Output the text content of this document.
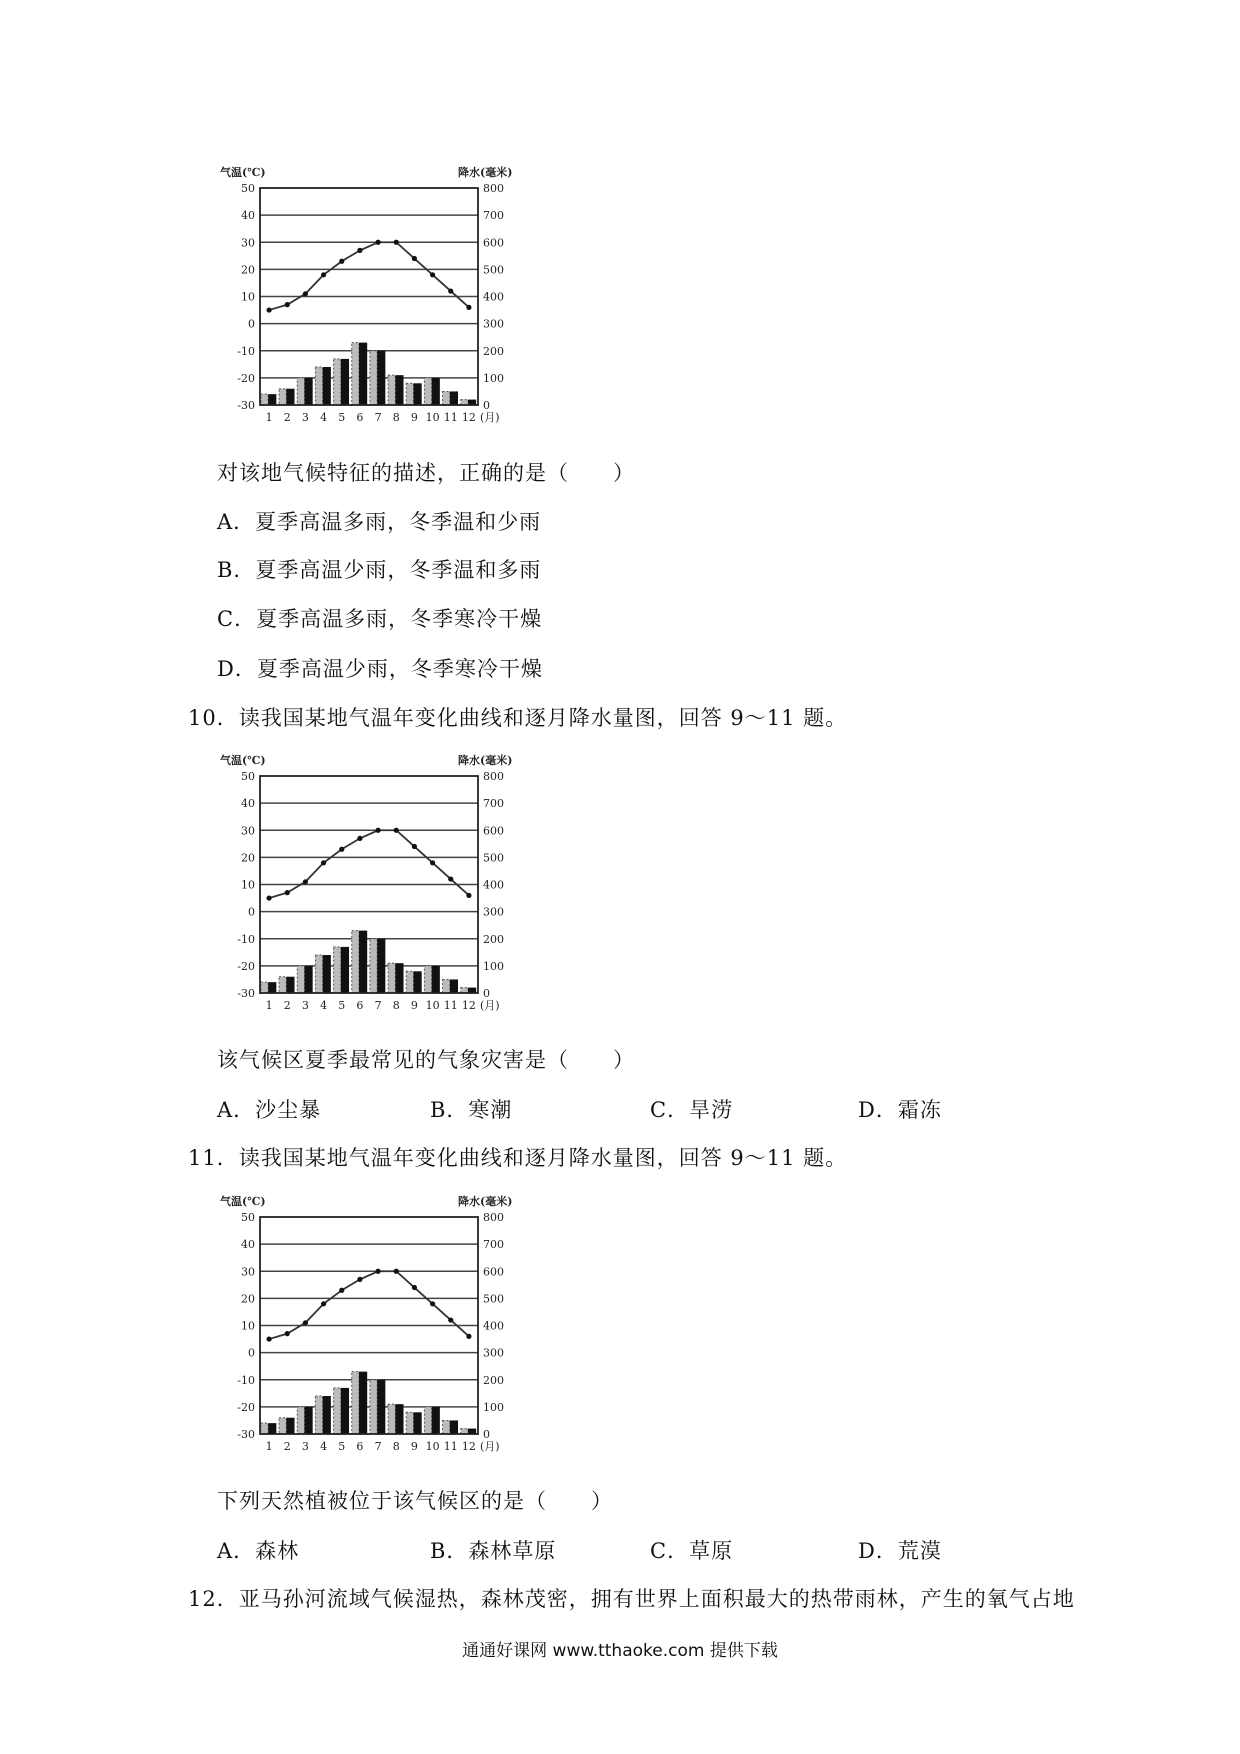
气温(℃)	降水(毫米)
50
40
30
20
10
0
-10
-20
-30
800
700
600
500
400
300
200
100
0
1 2 3 4 5 6 7 8 9 10 11 12 (月)
对该地气候特征的描述，正确的是（　　）
A．夏季高温多雨，冬季温和少雨
B．夏季高温少雨，冬季温和多雨
C．夏季高温多雨，冬季寒冷干燥
D．夏季高温少雨，冬季寒冷干燥
10．读我国某地气温年变化曲线和逐月降水量图，回答 9～11 题。
气温(℃)	降水(毫米)
50
40
30
20
10
0
-10
-20
-30
800
700
600
500
400
300
200
100
0
1 2 3 4 5 6 7 8 9 10 11 12 (月)
该气候区夏季最常见的气象灾害是（　　）
A．沙尘暴	B．寒潮	C．旱涝	D．霜冻
11．读我国某地气温年变化曲线和逐月降水量图，回答 9～11 题。
气温(℃)	降水(毫米)
50
40
30
20
10
0
-10
-20
-30
800
700
600
500
400
300
200
100
0
1 2 3 4 5 6 7 8 9 10 11 12 (月)
下列天然植被位于该气候区的是（　　）
A．森林	B．森林草原	C．草原	D．荒漠
12．亚马孙河流域气候湿热，森林茂密，拥有世界上面积最大的热带雨林，产生的氧气占地
通通好课网 www.tthaoke.com 提供下载
